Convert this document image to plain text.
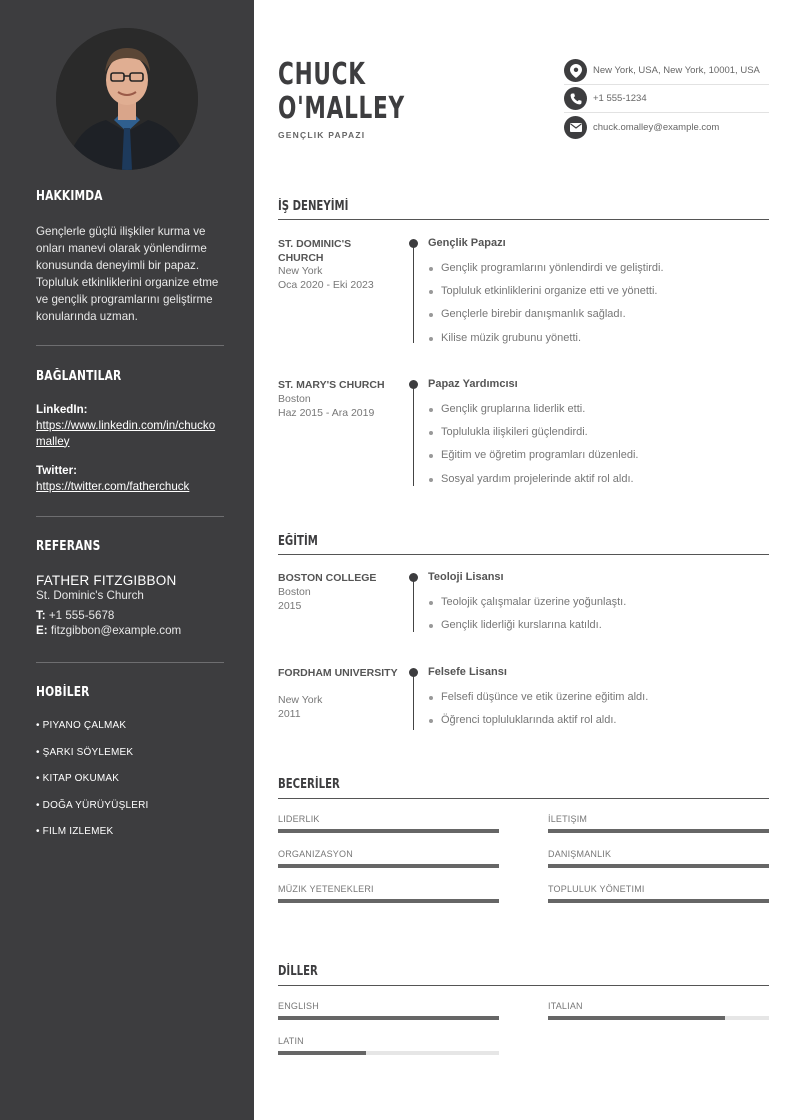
HAKKIMDA
Gençlerle güçlü ilişkiler kurma ve onları manevi olarak yönlendirme konusunda deneyimli bir papaz. Topluluk etkinliklerini organize etme ve gençlik programlarını geliştirme konularında uzman.
BAĞLANTILAR
LinkedIn:
https://www.linkedin.com/in/chuckomalley
Twitter:
https://twitter.com/fatherchuck
REFERANS
FATHER FITZGIBBON
St. Dominic's Church
T: +1 555-5678
E: fitzgibbon@example.com
HOBİLER
• PIYANO ÇALMAK
• ŞARKI SÖYLEMEK
• KITAP OKUMAK
• DOĞA YÜRÜYÜŞLERI
• FILM IZLEMEK
CHUCK
O'MALLEY
GENÇLIK PAPAZI
New York, USA, New York, 10001, USA
+1 555-1234
chuck.omalley@example.com
İŞ DENEYİMİ
ST. DOMINIC'S CHURCH
New York
Oca 2020 - Eki 2023
Gençlik Papazı
Gençlik programlarını yönlendirdi ve geliştirdi.
Topluluk etkinliklerini organize etti ve yönetti.
Gençlerle birebir danışmanlık sağladı.
Kilise müzik grubunu yönetti.
ST. MARY'S CHURCH
Boston
Haz 2015 - Ara 2019
Papaz Yardımcısı
Gençlik gruplarına liderlik etti.
Toplulukla ilişkileri güçlendirdi.
Eğitim ve öğretim programları düzenledi.
Sosyal yardım projelerinde aktif rol aldı.
EĞİTİM
BOSTON COLLEGE
Boston
2015
Teoloji Lisansı
Teolojik çalışmalar üzerine yoğunlaştı.
Gençlik liderliği kurslarına katıldı.
FORDHAM UNIVERSITY
New York
2011
Felsefe Lisansı
Felsefi düşünce ve etik üzerine eğitim aldı.
Öğrenci topluluklarında aktif rol aldı.
BECERİLER
LIDERLIK	İLETIŞIM
ORGANIZASYON	DANIŞMANLIK
MÜZIK YETENEKLERI	TOPLULUK YÖNETIMI
DİLLER
ENGLISH	ITALIAN
LATIN
